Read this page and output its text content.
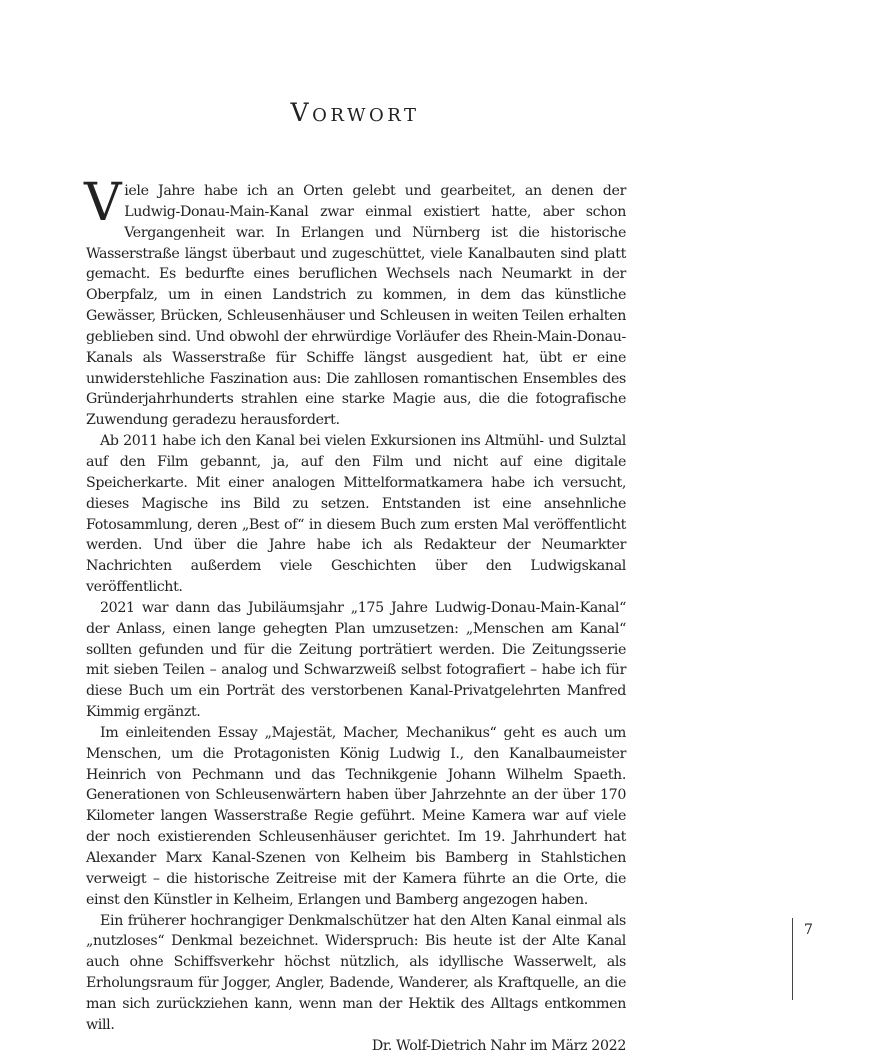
Vorwort

Viele Jahre habe ich an Orten gelebt und gearbeitet, an denen der Ludwig-Donau-Main-Kanal zwar einmal existiert hatte, aber schon Vergangenheit war. In Erlangen und Nürnberg ist die historische Wasserstraße längst überbaut und zugeschüttet, viele Kanalbauten sind platt gemacht. Es bedurfte eines beruflichen Wechsels nach Neumarkt in der Oberpfalz, um in einen Landstrich zu kommen, in dem das künstliche Gewässer, Brücken, Schleusenhäuser und Schleusen in weiten Teilen erhalten geblieben sind. Und obwohl der ehrwürdige Vorläufer des Rhein-Main-Donau-Kanals als Wasserstraße für Schiffe längst ausgedient hat, übt er eine unwiderstehliche Faszination aus: Die zahllosen romantischen Ensembles des Gründerjahrhunderts strahlen eine starke Magie aus, die die fotografische Zuwendung geradezu herausfordert.

Ab 2011 habe ich den Kanal bei vielen Exkursionen ins Altmühl- und Sulztal auf den Film gebannt, ja, auf den Film und nicht auf eine digitale Speicherkarte. Mit einer analogen Mittelformatkamera habe ich versucht, dieses Magische ins Bild zu setzen. Entstanden ist eine ansehnliche Fotosammlung, deren „Best of“ in diesem Buch zum ersten Mal veröffentlicht werden. Und über die Jahre habe ich als Redakteur der Neumarkter Nachrichten außerdem viele Geschichten über den Ludwigskanal veröffentlicht.

2021 war dann das Jubiläumsjahr „175 Jahre Ludwig-Donau-Main-Kanal“ der Anlass, einen lange gehegten Plan umzusetzen: „Menschen am Kanal“ sollten gefunden und für die Zeitung porträtiert werden. Die Zeitungsserie mit sieben Teilen – analog und Schwarzweiß selbst fotografiert – habe ich für diese Buch um ein Porträt des verstorbenen Kanal-Privatgelehrten Manfred Kimmig ergänzt.

Im einleitenden Essay „Majestät, Macher, Mechanikus“ geht es auch um Menschen, um die Protagonisten König Ludwig I., den Kanalbaumeister Heinrich von Pechmann und das Technikgenie Johann Wilhelm Spaeth. Generationen von Schleusenwärtern haben über Jahrzehnte an der über 170 Kilometer langen Wasserstraße Regie geführt. Meine Kamera war auf viele der noch existierenden Schleusenhäuser gerichtet. Im 19. Jahrhundert hat Alexander Marx Kanal-Szenen von Kelheim bis Bamberg in Stahlstichen verweigt – die historische Zeitreise mit der Kamera führte an die Orte, die einst den Künstler in Kelheim, Erlangen und Bamberg angezogen haben.

Ein früherer hochrangiger Denkmalschützer hat den Alten Kanal einmal als „nutzloses“ Denkmal bezeichnet. Widerspruch: Bis heute ist der Alte Kanal auch ohne Schiffsverkehr höchst nützlich, als idyllische Wasserwelt, als Erholungsraum für Jogger, Angler, Badende, Wanderer, als Kraftquelle, an die man sich zurückziehen kann, wenn man der Hektik des Alltags entkommen will.

Dr. Wolf-Dietrich Nahr im März 2022

7
